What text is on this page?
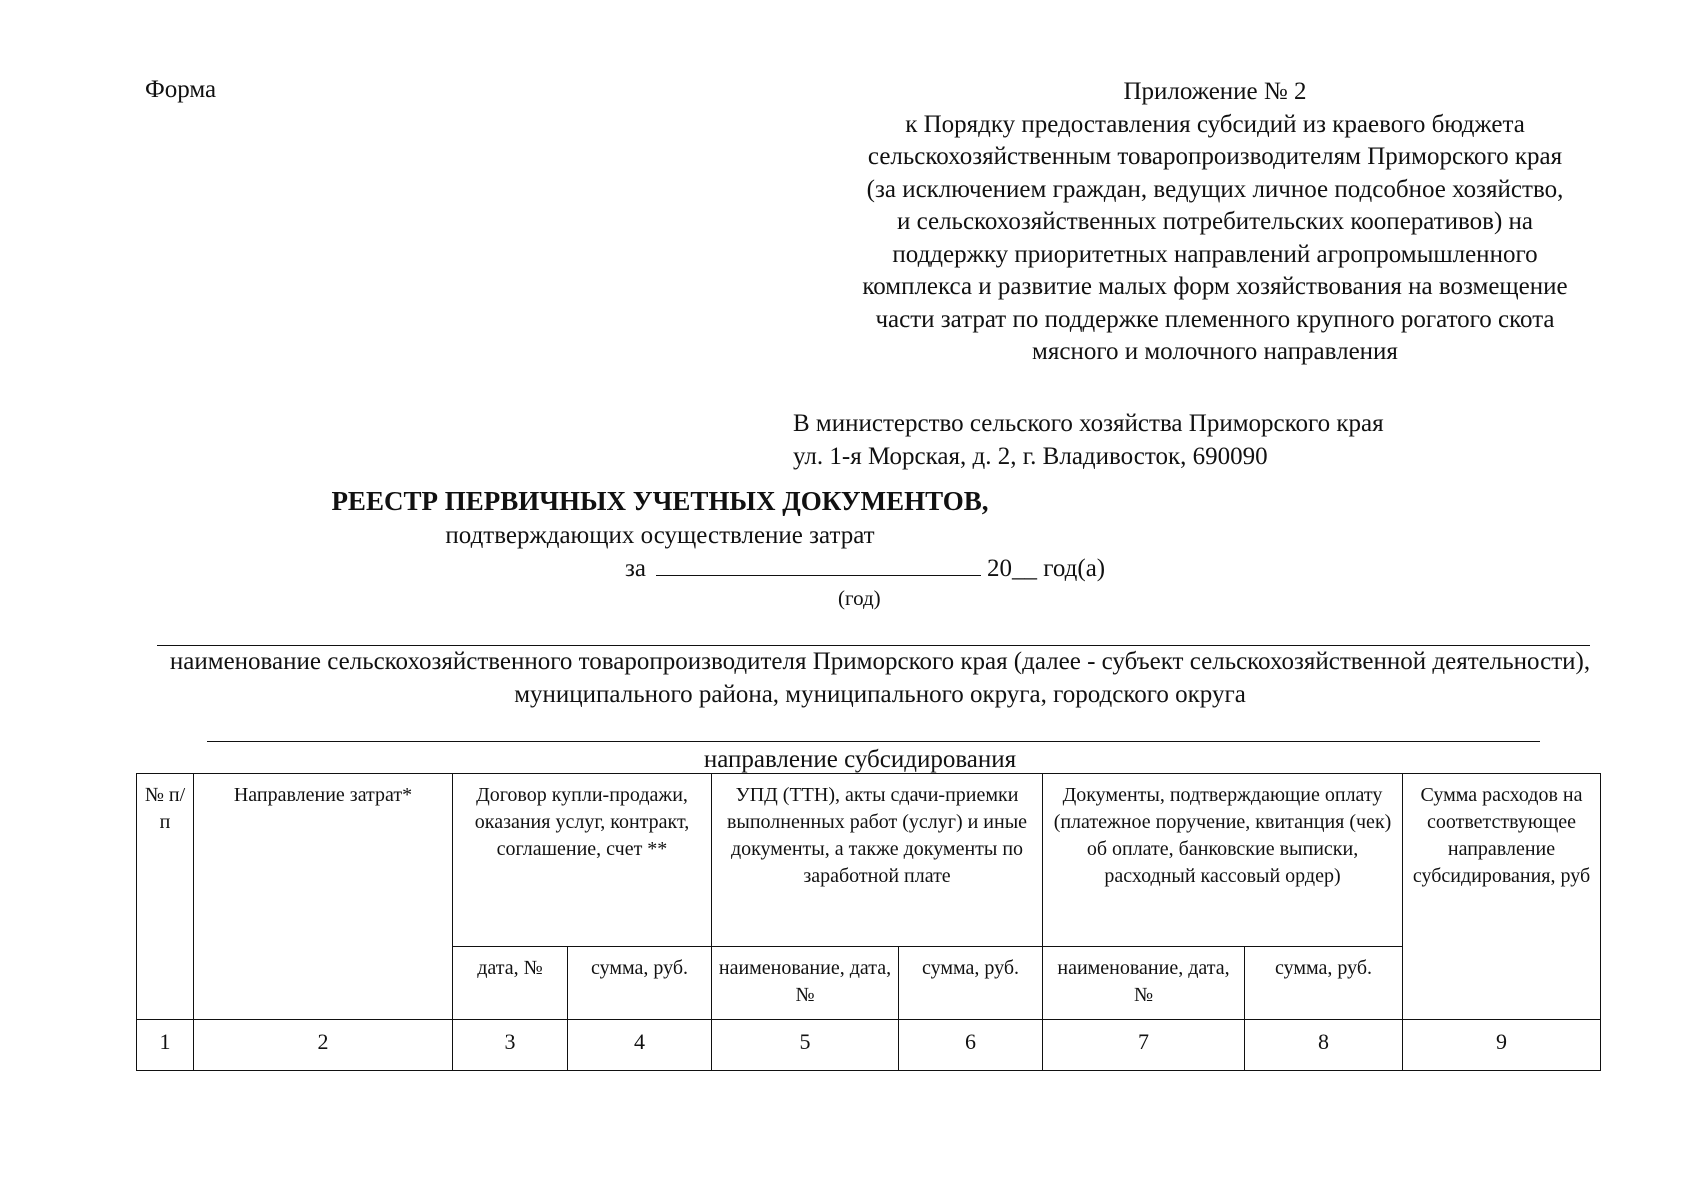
Форма	Приложение № 2
к Порядку предоставления субсидий из краевого бюджета
сельскохозяйственным товаропроизводителям Приморского края
(за исключением граждан, ведущих личное подсобное хозяйство,
и сельскохозяйственных потребительских кооперативов) на
поддержку приоритетных направлений агропромышленного
комплекса и развитие малых форм хозяйствования на возмещение
части затрат по поддержке племенного крупного рогатого скота
мясного и молочного направления
В министерство сельского хозяйства Приморского края
ул. 1-я Морская, д. 2, г. Владивосток, 690090
РЕЕСТР ПЕРВИЧНЫХ УЧЕТНЫХ ДОКУМЕНТОВ,
подтверждающих осуществление затрат
за	20__ год(а)
(год)
наименование сельскохозяйственного товаропроизводителя Приморского края (далее - субъект сельскохозяйственной деятельности), муниципального района, муниципального округа, городского округа
направление субсидирования
№ п/п	Направление затрат*	Договор купли-продажи, оказания услуг, контракт, соглашение, счет **		УПД (ТТН), акты сдачи-приемки выполненных работ (услуг) и иные документы, а также документы по заработной плате		Документы, подтверждающие оплату (платежное поручение, квитанция (чек) об оплате, банковские выписки, расходный кассовый ордер)		Сумма расходов на соответствующее направление субсидирования, руб
		дата, №	сумма, руб.	наименование, дата, №	сумма, руб.	наименование, дата, №	сумма, руб.	
1	2	3	4	5	6	7	8	9
